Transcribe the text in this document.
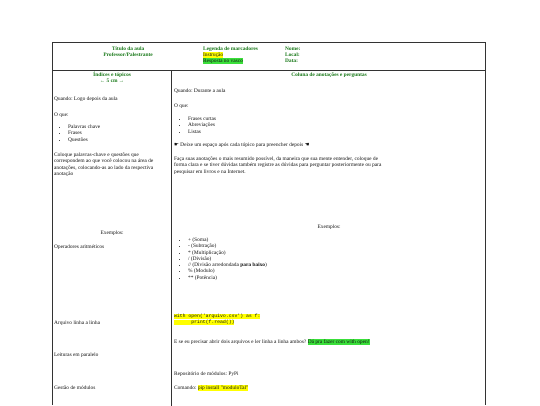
Título da aula
Professor/Palestrante
Legenda de marcadores
Instrução
Resposta no vasco
Nome:
Local:
Data:
Índices e tópicos
← 5 cm →
Quando: Logo depois da aula
O que:
• Palavras chave
• Frases
• Questões
Coloque palavras-chave e questões que correspondem ao que você colocou na área de anotações, colocando-as ao lado da respectiva anotação
Exemplos:
Operadores aritméticos
Arquivo linha a linha
Leituras em paralelo
Gestão de módulos
Coluna de anotações e perguntas
Quando: Durante a aula
O que:
• Frases curtas
• Abreviações
• Listas
☛ Deixe um espaço após cada tópico para preencher depois ☚
Faça suas anotações o mais resumido possível, da maneira que sua mente entender, coloque de forma clara e se tiver dúvidas também registre as dúvidas para perguntar posteriormente ou para pesquisar em livros e na Internet.
Exemplos:
• + (Soma)
• - (Subtração)
• * (Multiplicação)
• / (Divisão)
• // (Divisão arredondada para baixo)
• % (Modulo)
• ** (Potência)
with open('arquivo.csv') as f:
print(f.read())
E se eu precisar abrir dois arquivos e ler linha a linha ambos? Dá pra fazer com with open!
Repositório de módulos: PyPi
Comando: pip install "moduloTal"
